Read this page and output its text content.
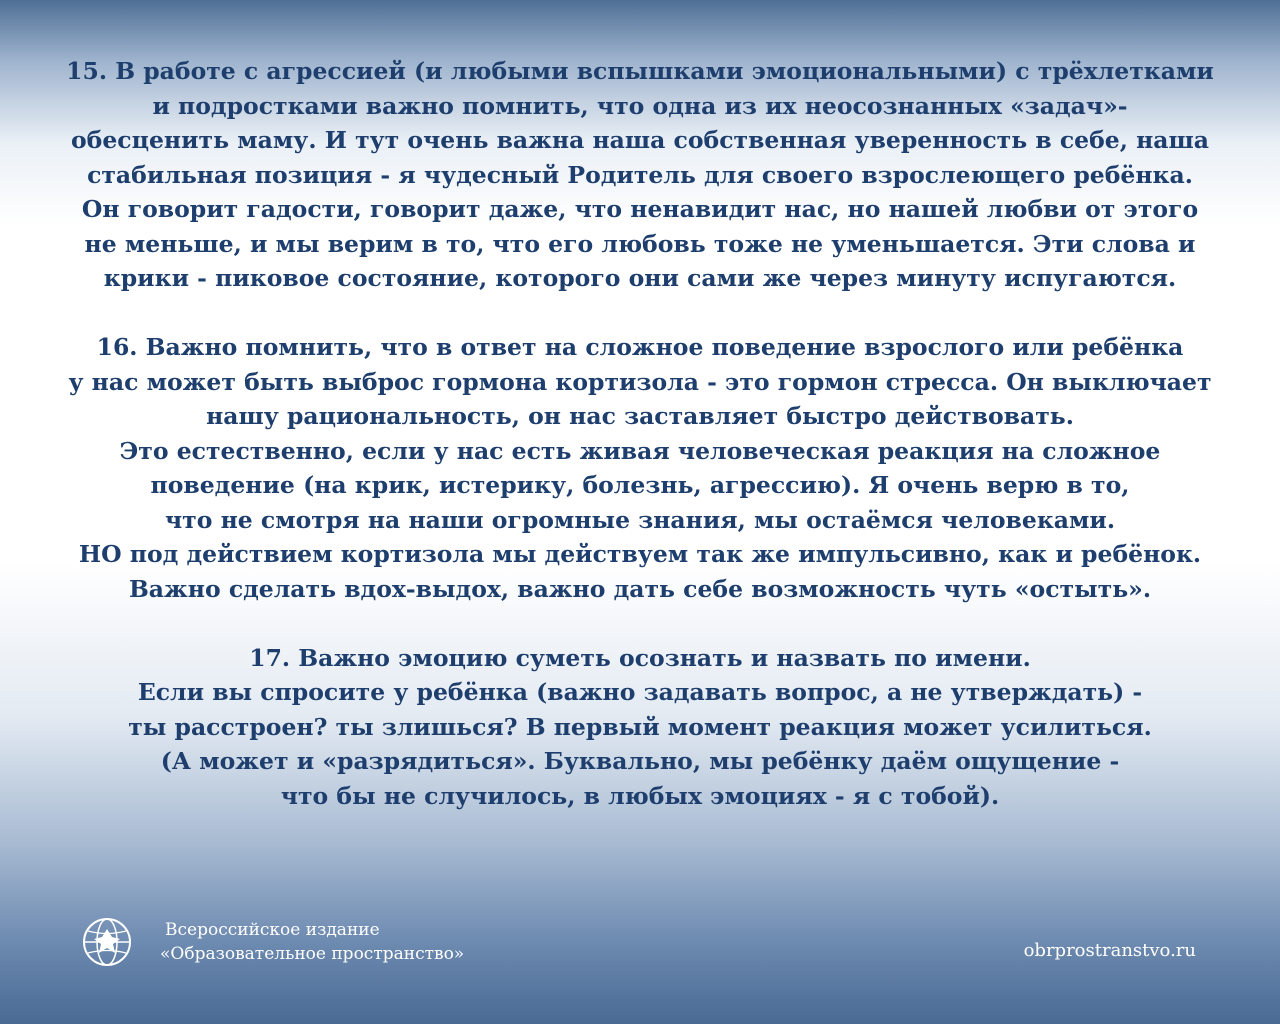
15. В работе с агрессией (и любыми вспышками эмоциональными) с трёхлетками
и подростками важно помнить, что одна из их неосознанных «задач»-
обесценить маму. И тут очень важна наша собственная уверенность в себе, наша
стабильная позиция - я чудесный Родитель для своего взрослеющего ребёнка.
Он говорит гадости, говорит даже, что ненавидит нас, но нашей любви от этого
не меньше, и мы верим в то, что его любовь тоже не уменьшается. Эти слова и
крики - пиковое состояние, которого они сами же через минуту испугаются.
16. Важно помнить, что в ответ на сложное поведение взрослого или ребёнка
у нас может быть выброс гормона кортизола - это гормон стресса. Он выключает
нашу рациональность, он нас заставляет быстро действовать.
Это естественно, если у нас есть живая человеческая реакция на сложное
поведение (на крик, истерику, болезнь, агрессию). Я очень верю в то,
что не смотря на наши огромные знания, мы остаёмся человеками.
НО под действием кортизола мы действуем так же импульсивно, как и ребёнок.
Важно сделать вдох-выдох, важно дать себе возможность чуть «остыть».
17. Важно эмоцию суметь осознать и назвать по имени.
Если вы спросите у ребёнка (важно задавать вопрос, а не утверждать) -
ты расстроен? ты злишься? В первый момент реакция может усилиться.
(А может и «разрядиться». Буквально, мы ребёнку даём ощущение -
что бы не случилось, в любых эмоциях - я с тобой).
Всероссийское издание
«Образовательное пространство»	obrprostranstvo.ru
